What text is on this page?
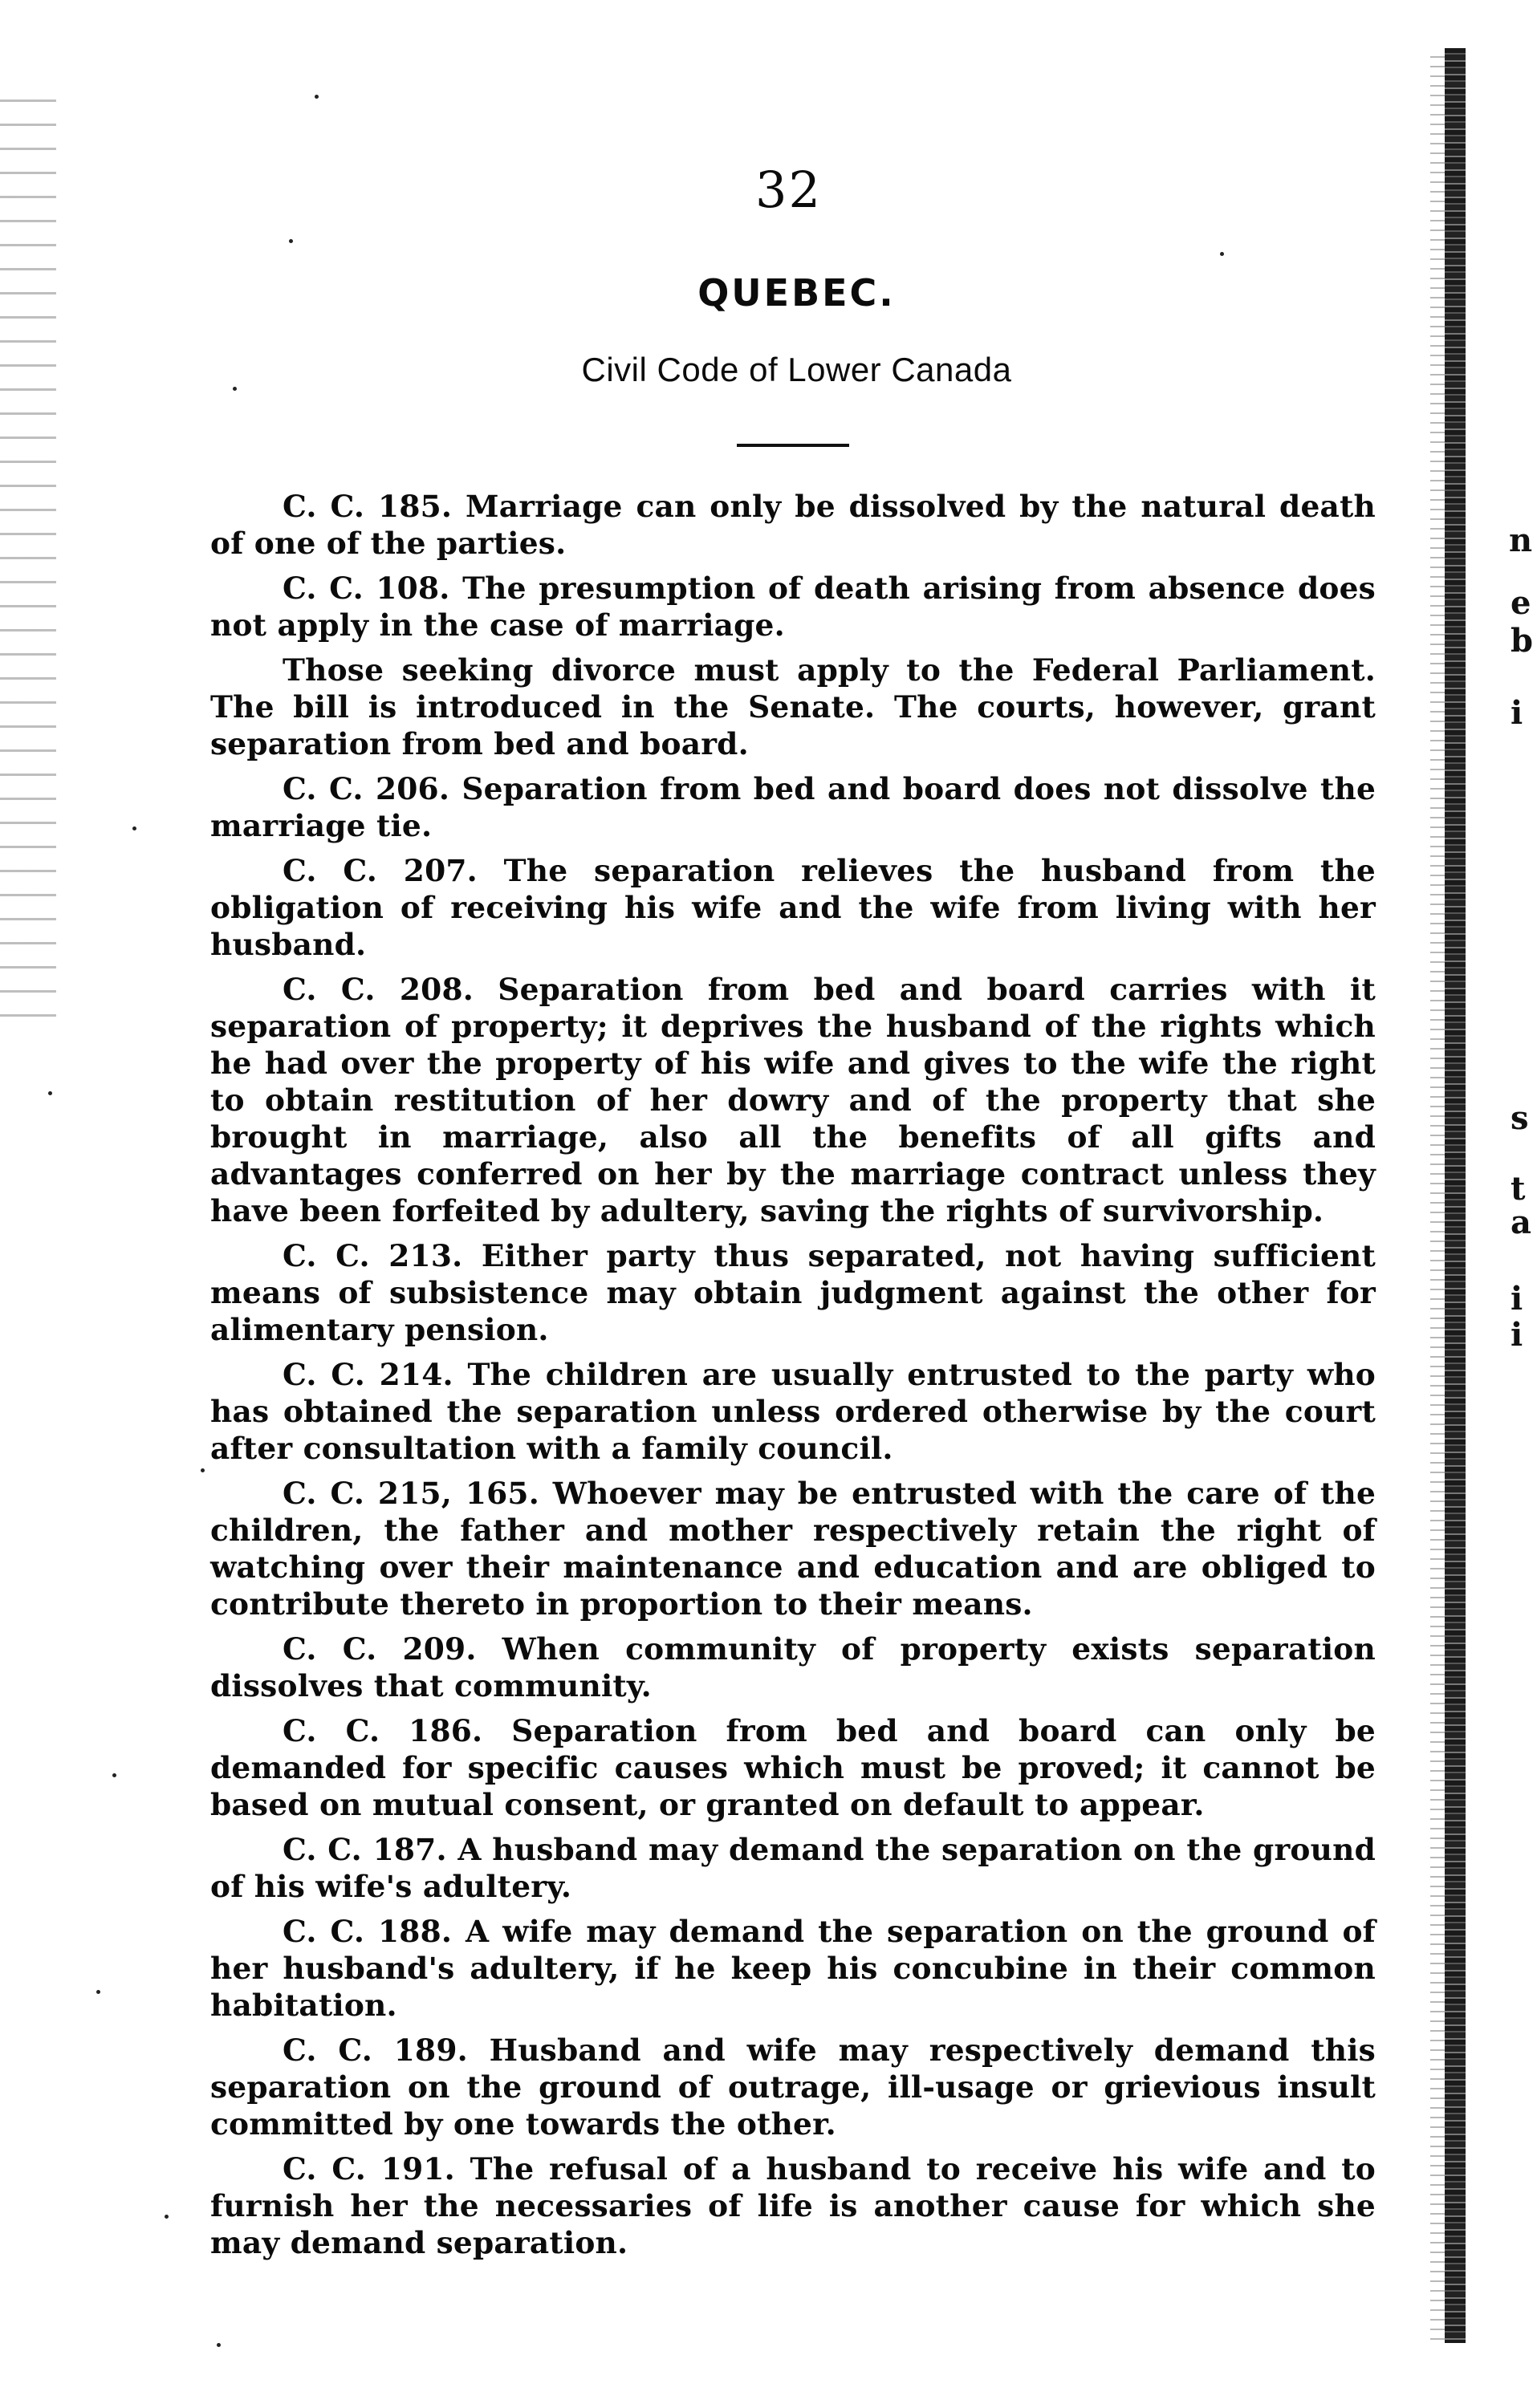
32
QUEBEC.
Civil Code of Lower Canada

C. C. 185. Marriage can only be dissolved by the natural death of one of the parties.

C. C. 108. The presumption of death arising from absence does not apply in the case of marriage.

Those seeking divorce must apply to the Federal Parliament. The bill is introduced in the Senate. The courts, however, grant separation from bed and board.

C. C. 206. Separation from bed and board does not dissolve the marriage tie.

C. C. 207. The separation relieves the husband from the obligation of receiving his wife and the wife from living with her husband.

C. C. 208. Separation from bed and board carries with it separation of property; it deprives the husband of the rights which he had over the property of his wife and gives to the wife the right to obtain restitution of her dowry and of the property that she brought in marriage, also all the benefits of all gifts and advantages conferred on her by the marriage contract unless they have been forfeited by adultery, saving the rights of survivorship.

C. C. 213. Either party thus separated, not having sufficient means of subsistence may obtain judgment against the other for alimentary pension.

C. C. 214. The children are usually entrusted to the party who has obtained the separation unless ordered otherwise by the court after consultation with a family council.

C. C. 215, 165. Whoever may be entrusted with the care of the children, the father and mother respectively retain the right of watching over their maintenance and education and are obliged to contribute thereto in proportion to their means.

C. C. 209. When community of property exists separation dissolves that community.

C. C. 186. Separation from bed and board can only be demanded for specific causes which must be proved; it cannot be based on mutual consent, or granted on default to appear.

C. C. 187. A husband may demand the separation on the ground of his wife's adultery.

C. C. 188. A wife may demand the separation on the ground of her husband's adultery, if he keep his concubine in their common habitation.

C. C. 189. Husband and wife may respectively demand this separation on the ground of outrage, ill-usage or grievious insult committed by one towards the other.

C. C. 191. The refusal of a husband to receive his wife and to furnish her the necessaries of life is another cause for which she may demand separation.

n
e
b
i
s
t
a
i
i
